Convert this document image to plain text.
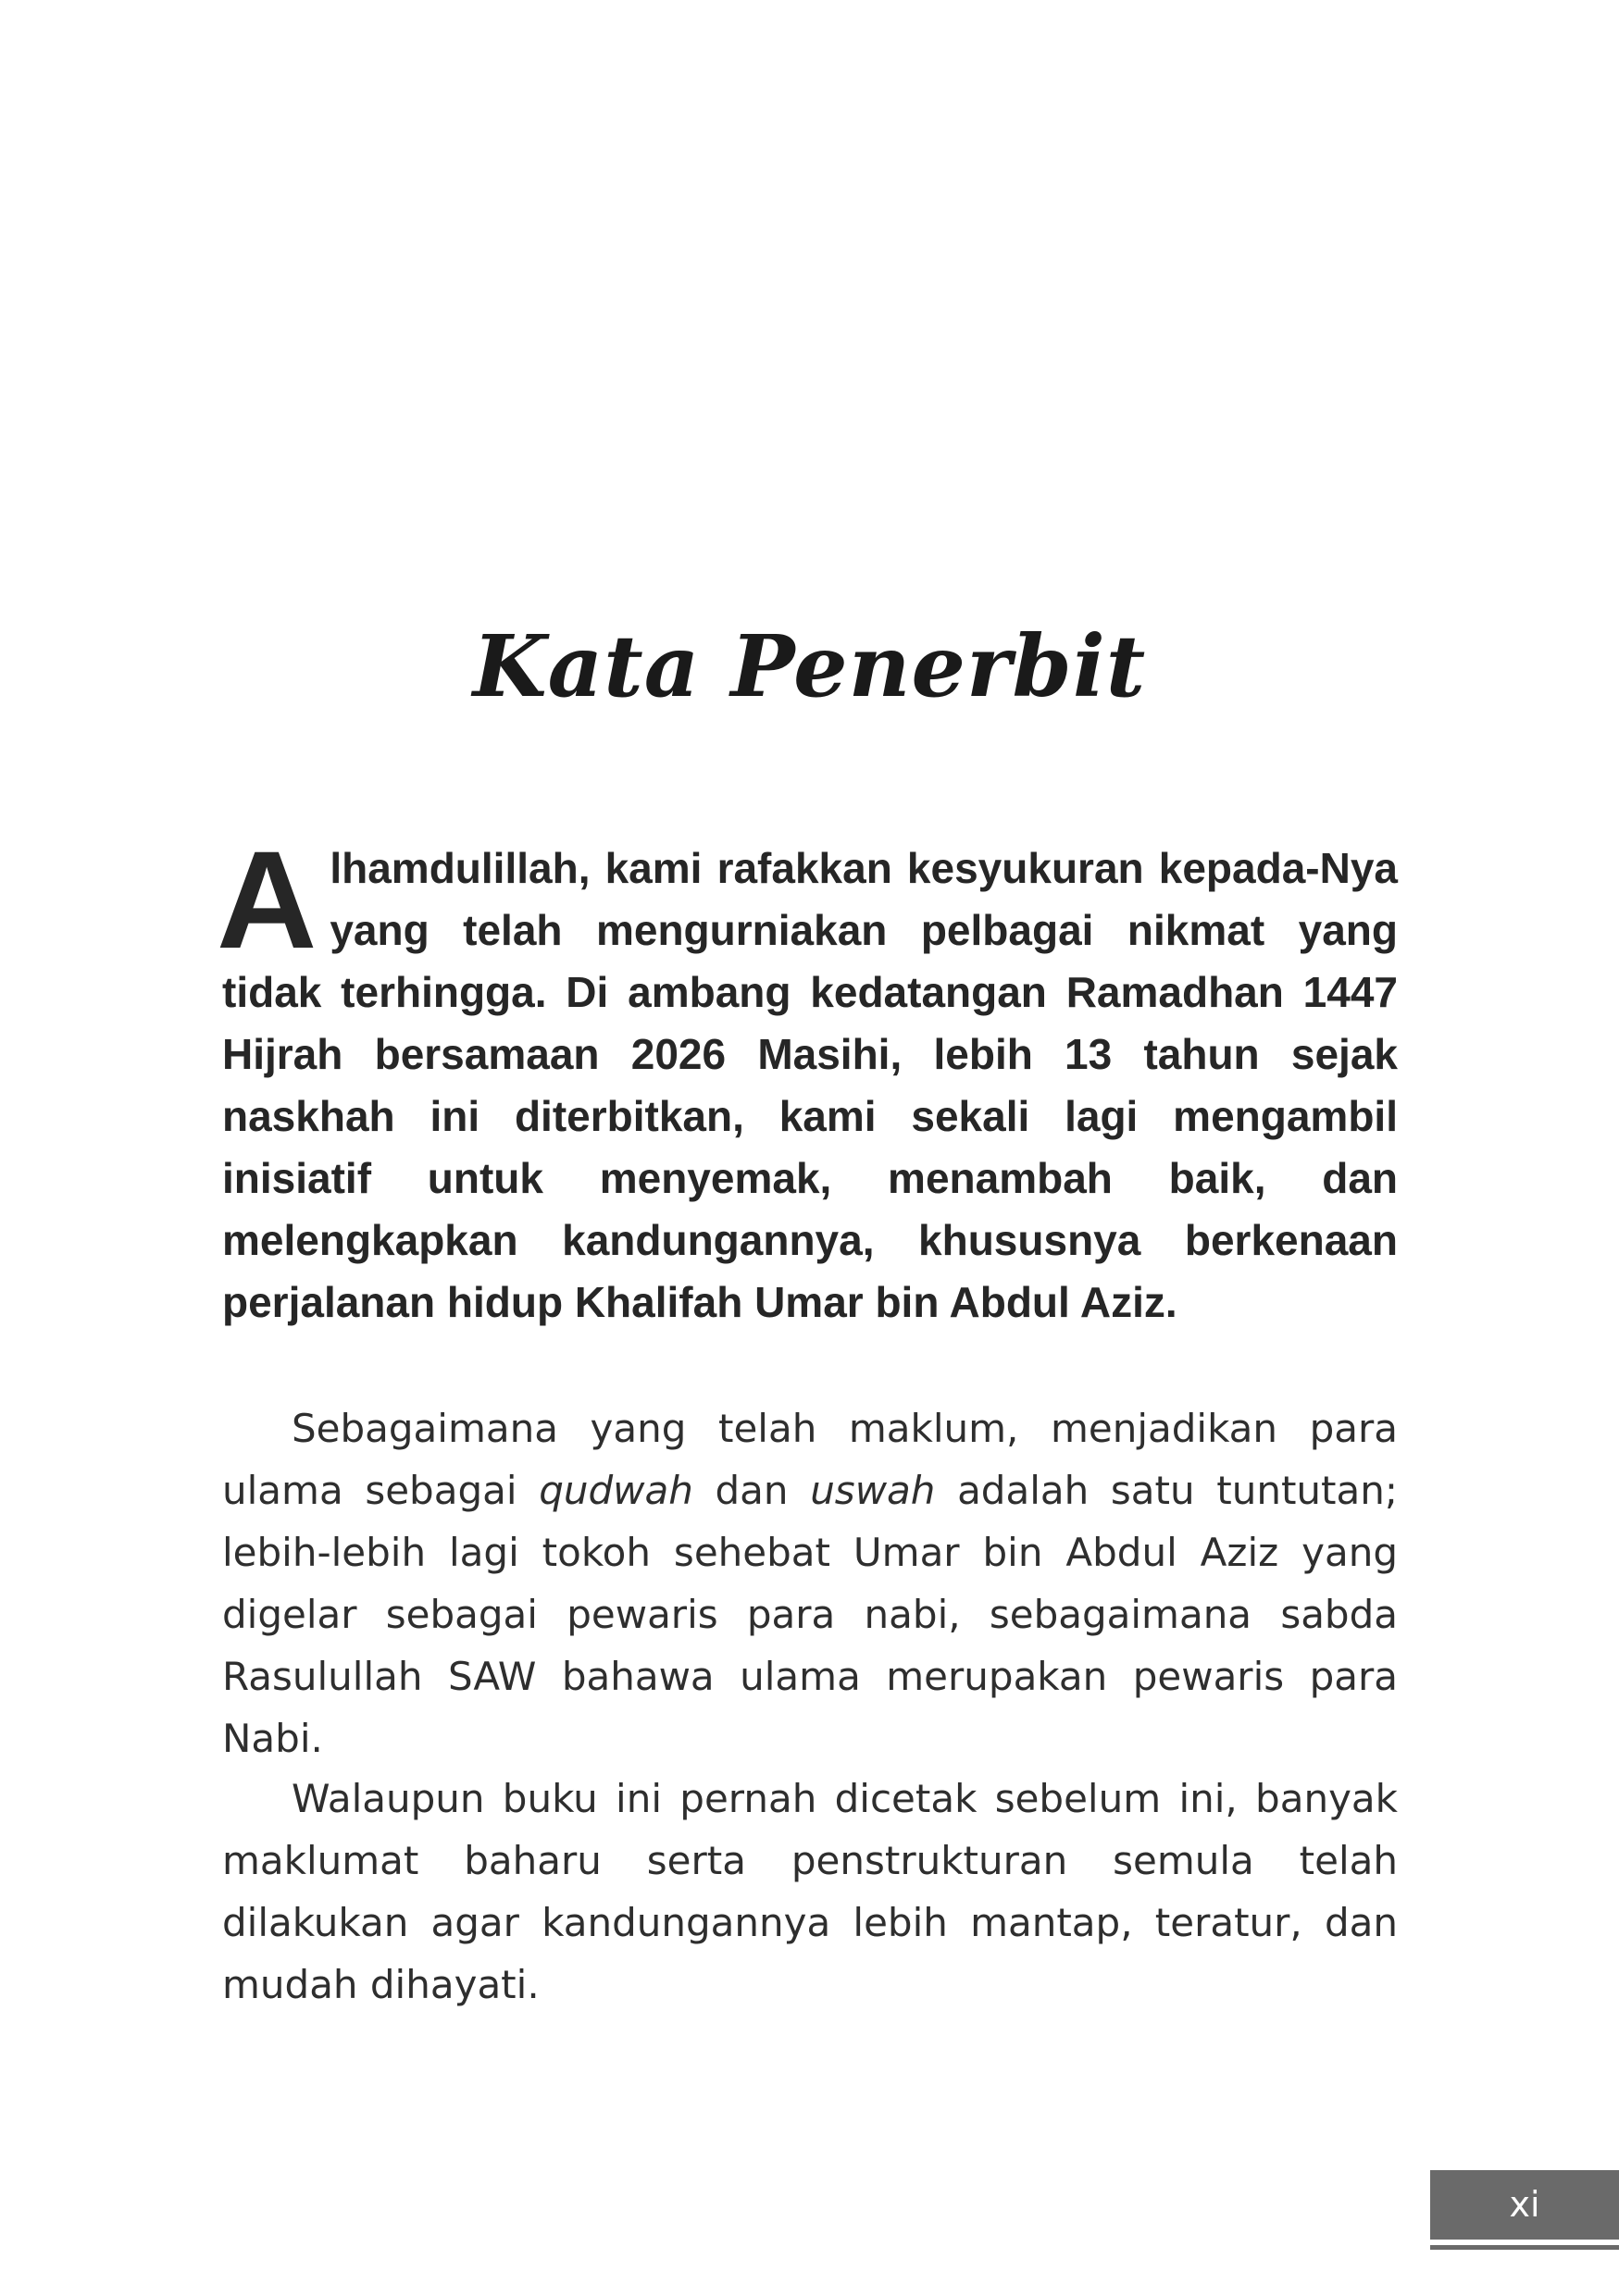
Kata Penerbit

Alhamdulillah, kami rafakkan kesyukuran kepada-Nya yang telah mengurniakan pelbagai nikmat yang tidak terhingga. Di ambang kedatangan Ramadhan 1447 Hijrah bersamaan 2026 Masihi, lebih 13 tahun sejak naskhah ini diterbitkan, kami sekali lagi mengambil inisiatif untuk menyemak, menambah baik, dan melengkapkan kandungannya, khususnya berkenaan perjalanan hidup Khalifah Umar bin Abdul Aziz.

Sebagaimana yang telah maklum, menjadikan para ulama sebagai qudwah dan uswah adalah satu tuntutan; lebih-lebih lagi tokoh sehebat Umar bin Abdul Aziz yang digelar sebagai pewaris para nabi, sebagaimana sabda Rasulullah SAW bahawa ulama merupakan pewaris para Nabi.

Walaupun buku ini pernah dicetak sebelum ini, banyak maklumat baharu serta penstrukturan semula telah dilakukan agar kandungannya lebih mantap, teratur, dan mudah dihayati.

xi
